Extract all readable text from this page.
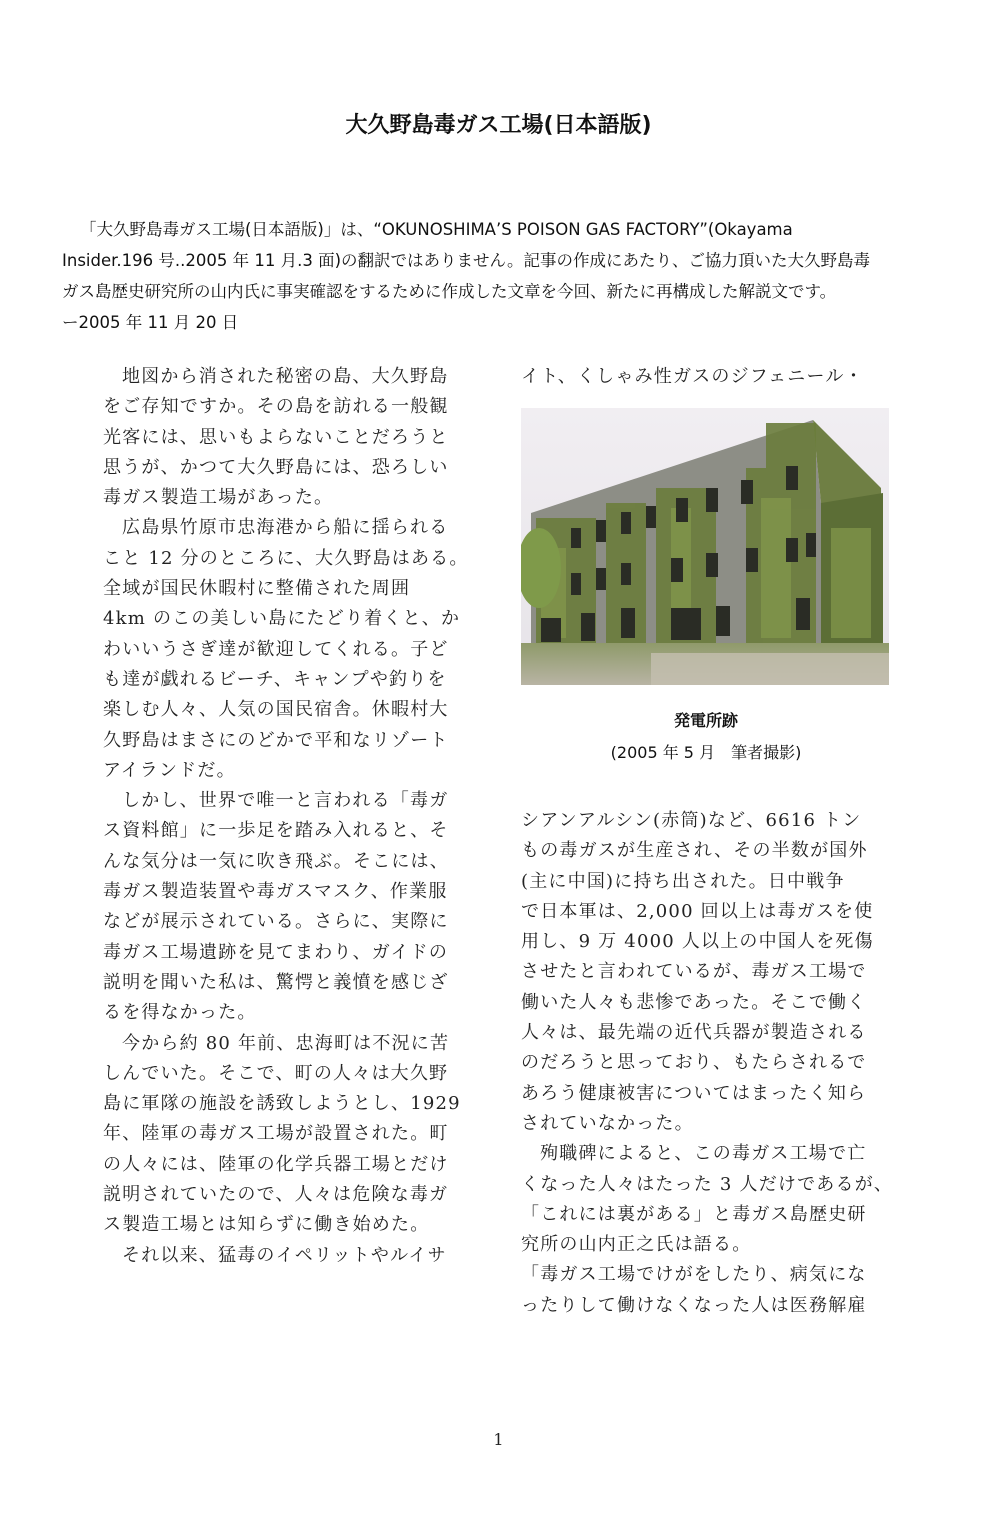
大久野島毒ガス工場(日本語版)
「大久野島毒ガス工場(日本語版)」は、“OKUNOSHIMA’S POISON GAS FACTORY”(Okayama
Insider.196 号..2005 年 11 月.3 面)の翻訳ではありません。記事の作成にあたり、ご協力頂いた大久野島毒
ガス島歴史研究所の山内氏に事実確認をするために作成した文章を今回、新たに再構成した解説文です。
ー2005 年 11 月 20 日
地図から消された秘密の島、大久野島
をご存知ですか。その島を訪れる一般観
光客には、思いもよらないことだろうと
思うが、かつて大久野島には、恐ろしい
毒ガス製造工場があった。
広島県竹原市忠海港から船に揺られる
こと 12 分のところに、大久野島はある。
全域が国民休暇村に整備された周囲
4km のこの美しい島にたどり着くと、か
わいいうさぎ達が歓迎してくれる。子ど
も達が戯れるビーチ、キャンプや釣りを
楽しむ人々、人気の国民宿舎。休暇村大
久野島はまさにのどかで平和なリゾート
アイランドだ。
しかし、世界で唯一と言われる「毒ガ
ス資料館」に一歩足を踏み入れると、そ
んな気分は一気に吹き飛ぶ。そこには、
毒ガス製造装置や毒ガスマスク、作業服
などが展示されている。さらに、実際に
毒ガス工場遺跡を見てまわり、ガイドの
説明を聞いた私は、驚愕と義憤を感じざ
るを得なかった。
今から約 80 年前、忠海町は不況に苦
しんでいた。そこで、町の人々は大久野
島に軍隊の施設を誘致しようとし、1929
年、陸軍の毒ガス工場が設置された。町
の人々には、陸軍の化学兵器工場とだけ
説明されていたので、人々は危険な毒ガ
ス製造工場とは知らずに働き始めた。
それ以来、猛毒のイペリットやルイサ
イト、くしゃみ性ガスのジフェニール・
発電所跡
(2005 年 5 月　筆者撮影)
シアンアルシン(赤筒)など、6616 トン
もの毒ガスが生産され、その半数が国外
(主に中国)に持ち出された。日中戦争
で日本軍は、2,000 回以上は毒ガスを使
用し、9 万 4000 人以上の中国人を死傷
させたと言われているが、毒ガス工場で
働いた人々も悲惨であった。そこで働く
人々は、最先端の近代兵器が製造される
のだろうと思っており、もたらされるで
あろう健康被害についてはまったく知ら
されていなかった。
殉職碑によると、この毒ガス工場で亡
くなった人々はたった 3 人だけであるが、
「これには裏がある」と毒ガス島歴史研
究所の山内正之氏は語る。
「毒ガス工場でけがをしたり、病気にな
ったりして働けなくなった人は医務解雇
1
